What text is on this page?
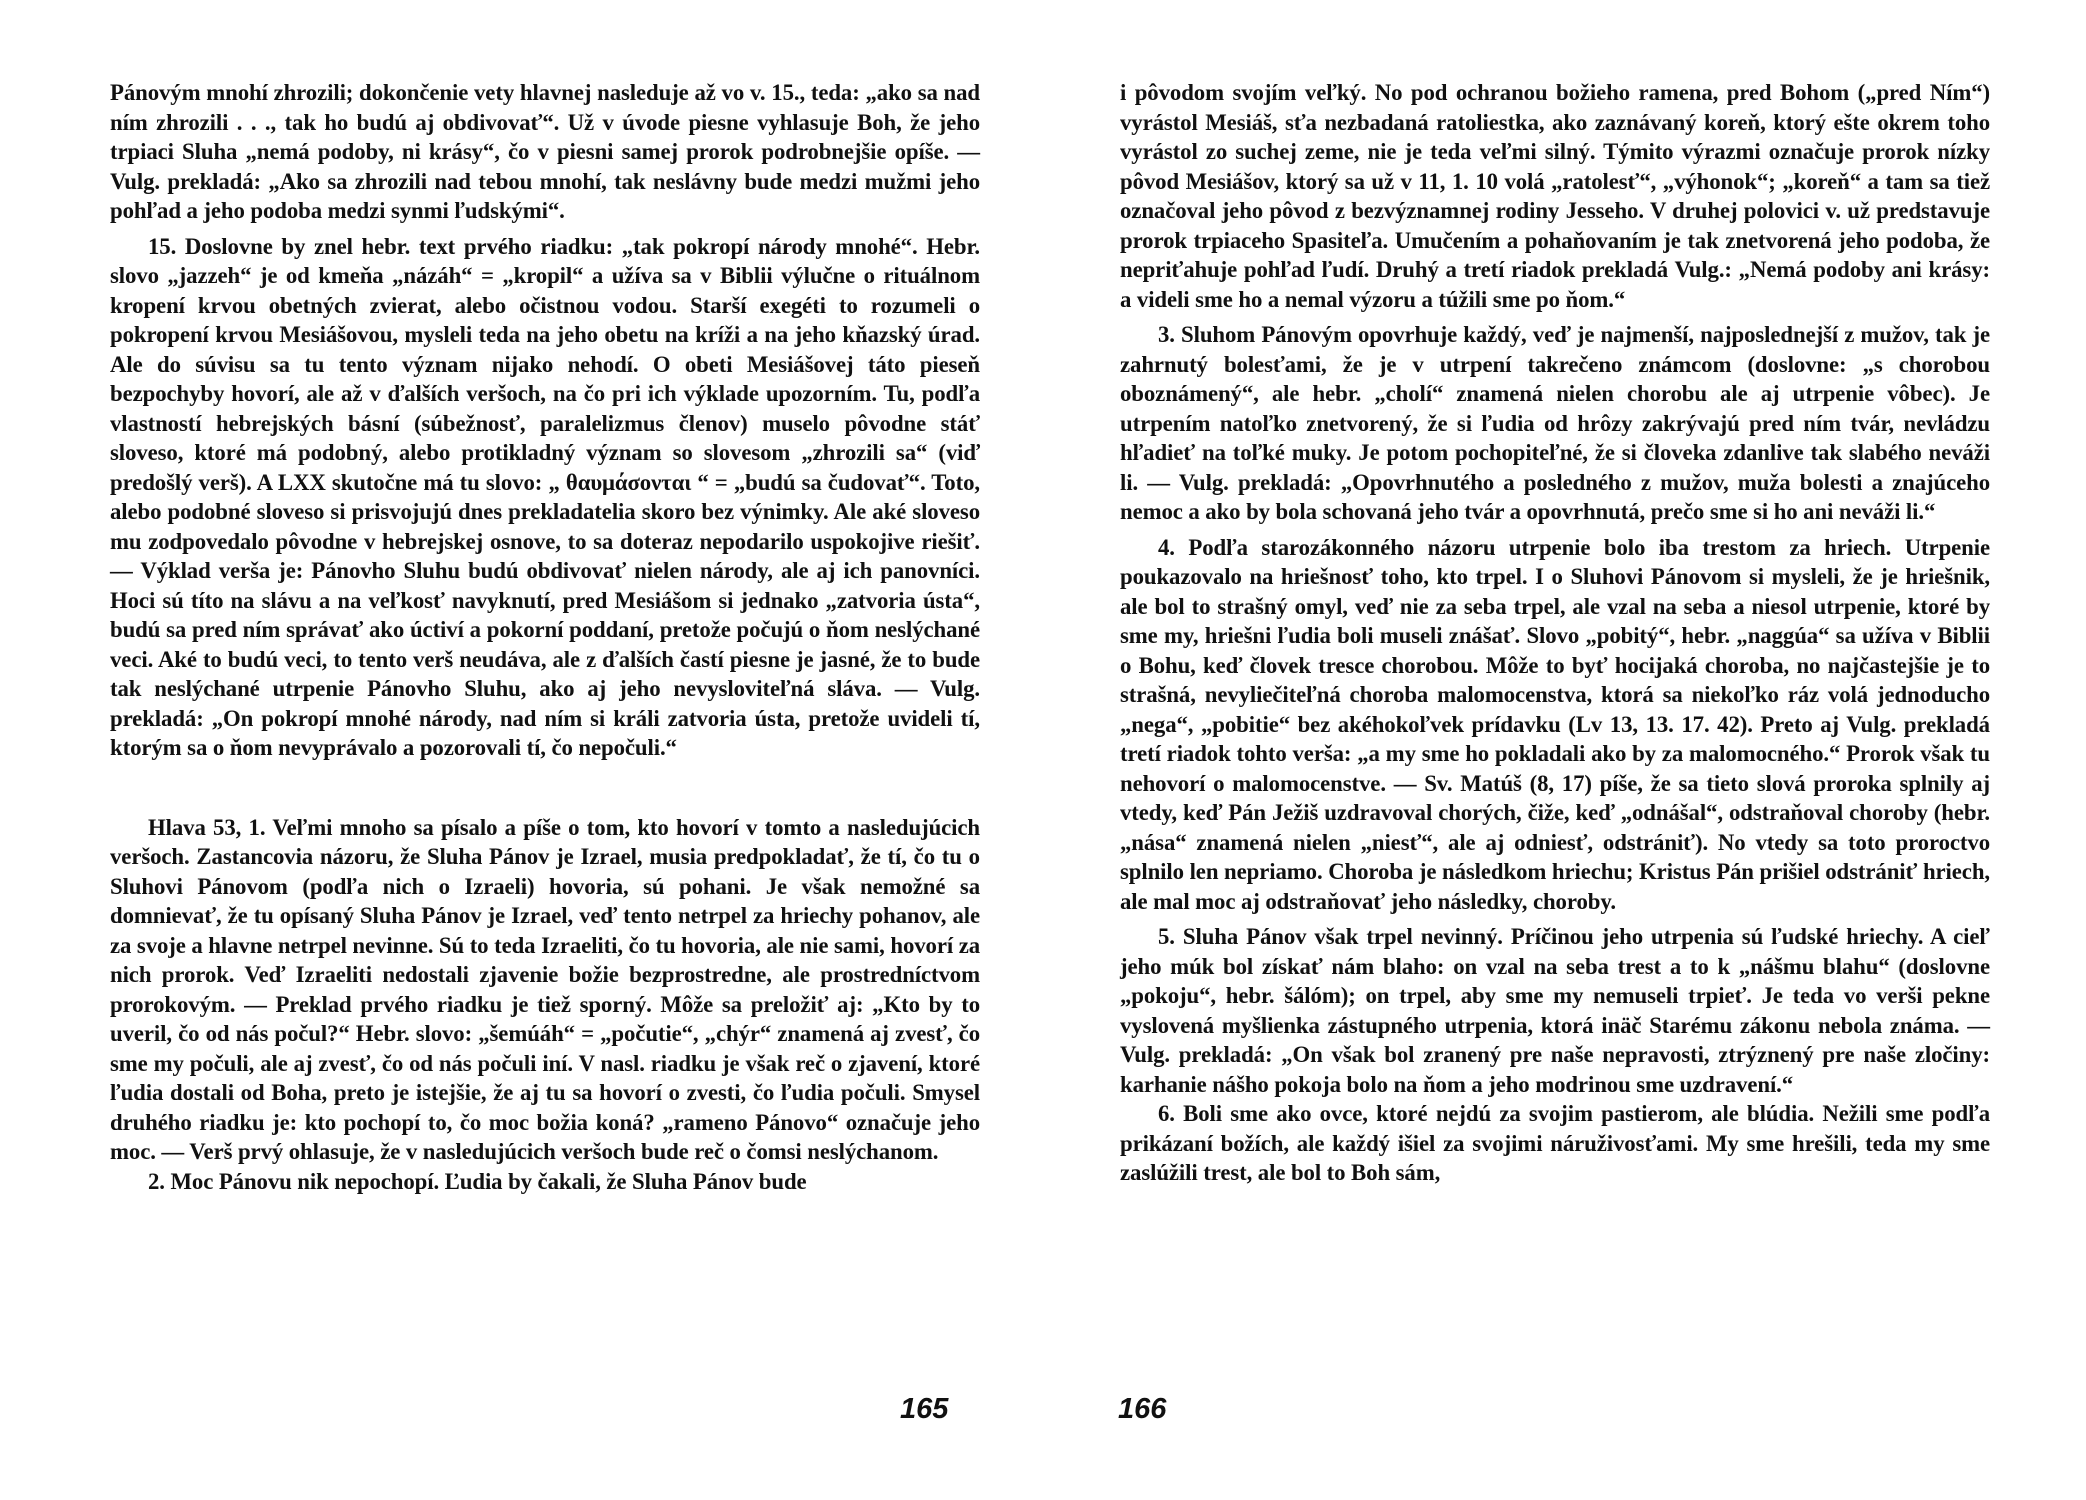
Pánovým mnohí zhrozili; dokončenie vety hlavnej nasleduje až vo v. 15., teda: „ako sa nad ním zhrozili . . ., tak ho budú aj obdivovať“. Už v úvode piesne vyhlasuje Boh, že jeho trpiaci Sluha „nemá podoby, ni krásy“, čo v piesni samej prorok podrobnejšie opíše. — Vulg. prekladá: „Ako sa zhrozili nad tebou mnohí, tak neslávny bude medzi mužmi jeho pohľad a jeho podoba medzi synmi ľudskými“.

15. Doslovne by znel hebr. text prvého riadku: „tak pokropí národy mnohé“. Hebr. slovo „jazzeh“ je od kmeňa „názáh“ = „kropil“ a užíva sa v Biblii výlučne o rituálnom kropení krvou obetných zvierat, alebo očistnou vodou. Starší exegéti to rozumeli o pokropení krvou Mesiášovou, mysleli teda na jeho obetu na kríži a na jeho kňazský úrad. Ale do súvisu sa tu tento význam nijako nehodí. O obeti Mesiášovej táto pieseň bezpochyby hovorí, ale až v ďalších veršoch, na čo pri ich výklade upozorním. Tu, podľa vlastností hebrejských básní (súbežnosť, paralelizmus členov) muselo pôvodne stáť sloveso, ktoré má podobný, alebo protikladný význam so slovesom „zhrozili sa“ (viď predošlý verš). A LXX skutočne má tu slovo: „ θαυμάσονται “ = „budú sa čudovať“. Toto, alebo podobné sloveso si prisvojujú dnes prekladatelia skoro bez výnimky. Ale aké sloveso mu zodpovedalo pôvodne v hebrejskej osnove, to sa doteraz nepodarilo uspokojive riešiť. — Výklad verša je: Pánovho Sluhu budú obdivovať nielen národy, ale aj ich panovníci. Hoci sú títo na slávu a na veľkosť navyknutí, pred Mesiášom si jednako „zatvoria ústa“, budú sa pred ním správať ako úctiví a pokorní poddaní, pretože počujú o ňom neslýchané veci. Aké to budú veci, to tento verš neudáva, ale z ďalších častí piesne je jasné, že to bude tak neslýchané utrpenie Pánovho Sluhu, ako aj jeho nevysloviteľná sláva. — Vulg. prekladá: „On pokropí mnohé národy, nad ním si králi zatvoria ústa, pretože uvideli tí, ktorým sa o ňom nevyprávalo a pozorovali tí, čo nepočuli.“

Hlava 53, 1. Veľmi mnoho sa písalo a píše o tom, kto hovorí v tomto a nasledujúcich veršoch. Zastancovia názoru, že Sluha Pánov je Izrael, musia predpokladať, že tí, čo tu o Sluhovi Pánovom (podľa nich o Izraeli) hovoria, sú pohani. Je však nemožné sa domnievať, že tu opísaný Sluha Pánov je Izrael, veď tento netrpel za hriechy pohanov, ale za svoje a hlavne netrpel nevinne. Sú to teda Izraeliti, čo tu hovoria, ale nie sami, hovorí za nich prorok. Veď Izraeliti nedostali zjavenie božie bezprostredne, ale prostredníctvom prorokovým. — Preklad prvého riadku je tiež sporný. Môže sa preložiť aj: „Kto by to uveril, čo od nás počul?“ Hebr. slovo: „šemúáh“ = „počutie“, „chýr“ znamená aj zvesť, čo sme my počuli, ale aj zvesť, čo od nás počuli iní. V nasl. riadku je však reč o zjavení, ktoré ľudia dostali od Boha, preto je istejšie, že aj tu sa hovorí o zvesti, čo ľudia počuli. Smysel druhého riadku je: kto pochopí to, čo moc božia koná? „rameno Pánovo“ označuje jeho moc. — Verš prvý ohlasuje, že v nasledujúcich veršoch bude reč o čomsi neslýchanom.

2. Moc Pánovu nik nepochopí. Ľudia by čakali, že Sluha Pánov bude

165

i pôvodom svojím veľký. No pod ochranou božieho ramena, pred Bohom („pred Ním“) vyrástol Mesiáš, sťa nezbadaná ratoliestka, ako zaznávaný koreň, ktorý ešte okrem toho vyrástol zo suchej zeme, nie je teda veľmi silný. Týmito výrazmi označuje prorok nízky pôvod Mesiášov, ktorý sa už v 11, 1. 10 volá „ratolesť“, „výhonok“; „koreň“ a tam sa tiež označoval jeho pôvod z bezvýznamnej rodiny Jesseho. V druhej polovici v. už predstavuje prorok trpiaceho Spasiteľa. Umučením a pohaňovaním je tak znetvorená jeho podoba, že nepriťahuje pohľad ľudí. Druhý a tretí riadok prekladá Vulg.: „Nemá podoby ani krásy: a videli sme ho a nemal výzoru a túžili sme po ňom.“

3. Sluhom Pánovým opovrhuje každý, veď je najmenší, najposlednejší z mužov, tak je zahrnutý bolesťami, že je v utrpení takrečeno známcom (doslovne: „s chorobou oboznámený“, ale hebr. „cholí“ znamená nielen chorobu ale aj utrpenie vôbec). Je utrpením natoľko znetvorený, že si ľudia od hrôzy zakrývajú pred ním tvár, nevládzu hľadieť na toľké muky. Je potom pochopiteľné, že si človeka zdanlive tak slabého neváži li. — Vulg. prekladá: „Opovrhnutého a posledného z mužov, muža bolesti a znajúceho nemoc a ako by bola schovaná jeho tvár a opovrhnutá, prečo sme si ho ani neváži li.“

4. Podľa starozákonného názoru utrpenie bolo iba trestom za hriech. Utrpenie poukazovalo na hriešnosť toho, kto trpel. I o Sluhovi Pánovom si mysleli, že je hriešnik, ale bol to strašný omyl, veď nie za seba trpel, ale vzal na seba a niesol utrpenie, ktoré by sme my, hriešni ľudia boli museli znášať. Slovo „pobitý“, hebr. „naggúa“ sa užíva v Biblii o Bohu, keď človek tresce chorobou. Môže to byť hocijaká choroba, no najčastejšie je to strašná, nevyliečiteľná choroba malomocenstva, ktorá sa niekoľko ráz volá jednoducho „nega“, „pobitie“ bez akéhokoľvek prídavku (Lv 13, 13. 17. 42). Preto aj Vulg. prekladá tretí riadok tohto verša: „a my sme ho pokladali ako by za malomocného.“ Prorok však tu nehovorí o malomocenstve. — Sv. Matúš (8, 17) píše, že sa tieto slová proroka splnily aj vtedy, keď Pán Ježiš uzdravoval chorých, čiže, keď „odnášal“, odstraňoval choroby (hebr. „nása“ znamená nielen „niesť“, ale aj odniesť, odstrániť). No vtedy sa toto proroctvo splnilo len nepriamo. Choroba je následkom hriechu; Kristus Pán prišiel odstrániť hriech, ale mal moc aj odstraňovať jeho následky, choroby.

5. Sluha Pánov však trpel nevinný. Príčinou jeho utrpenia sú ľudské hriechy. A cieľ jeho múk bol získať nám blaho: on vzal na seba trest a to k „nášmu blahu“ (doslovne „pokoju“, hebr. šálóm); on trpel, aby sme my nemuseli trpieť. Je teda vo verši pekne vyslovená myšlienka zástupného utrpenia, ktorá inäč Starému zákonu nebola známa. — Vulg. prekladá: „On však bol zranený pre naše nepravosti, ztrýznený pre naše zločiny: karhanie nášho pokoja bolo na ňom a jeho modrinou sme uzdravení.“

6. Boli sme ako ovce, ktoré nejdú za svojim pastierom, ale blúdia. Nežili sme podľa prikázaní božích, ale každý išiel za svojimi náruživosťami. My sme hrešili, teda my sme zaslúžili trest, ale bol to Boh sám,

166
